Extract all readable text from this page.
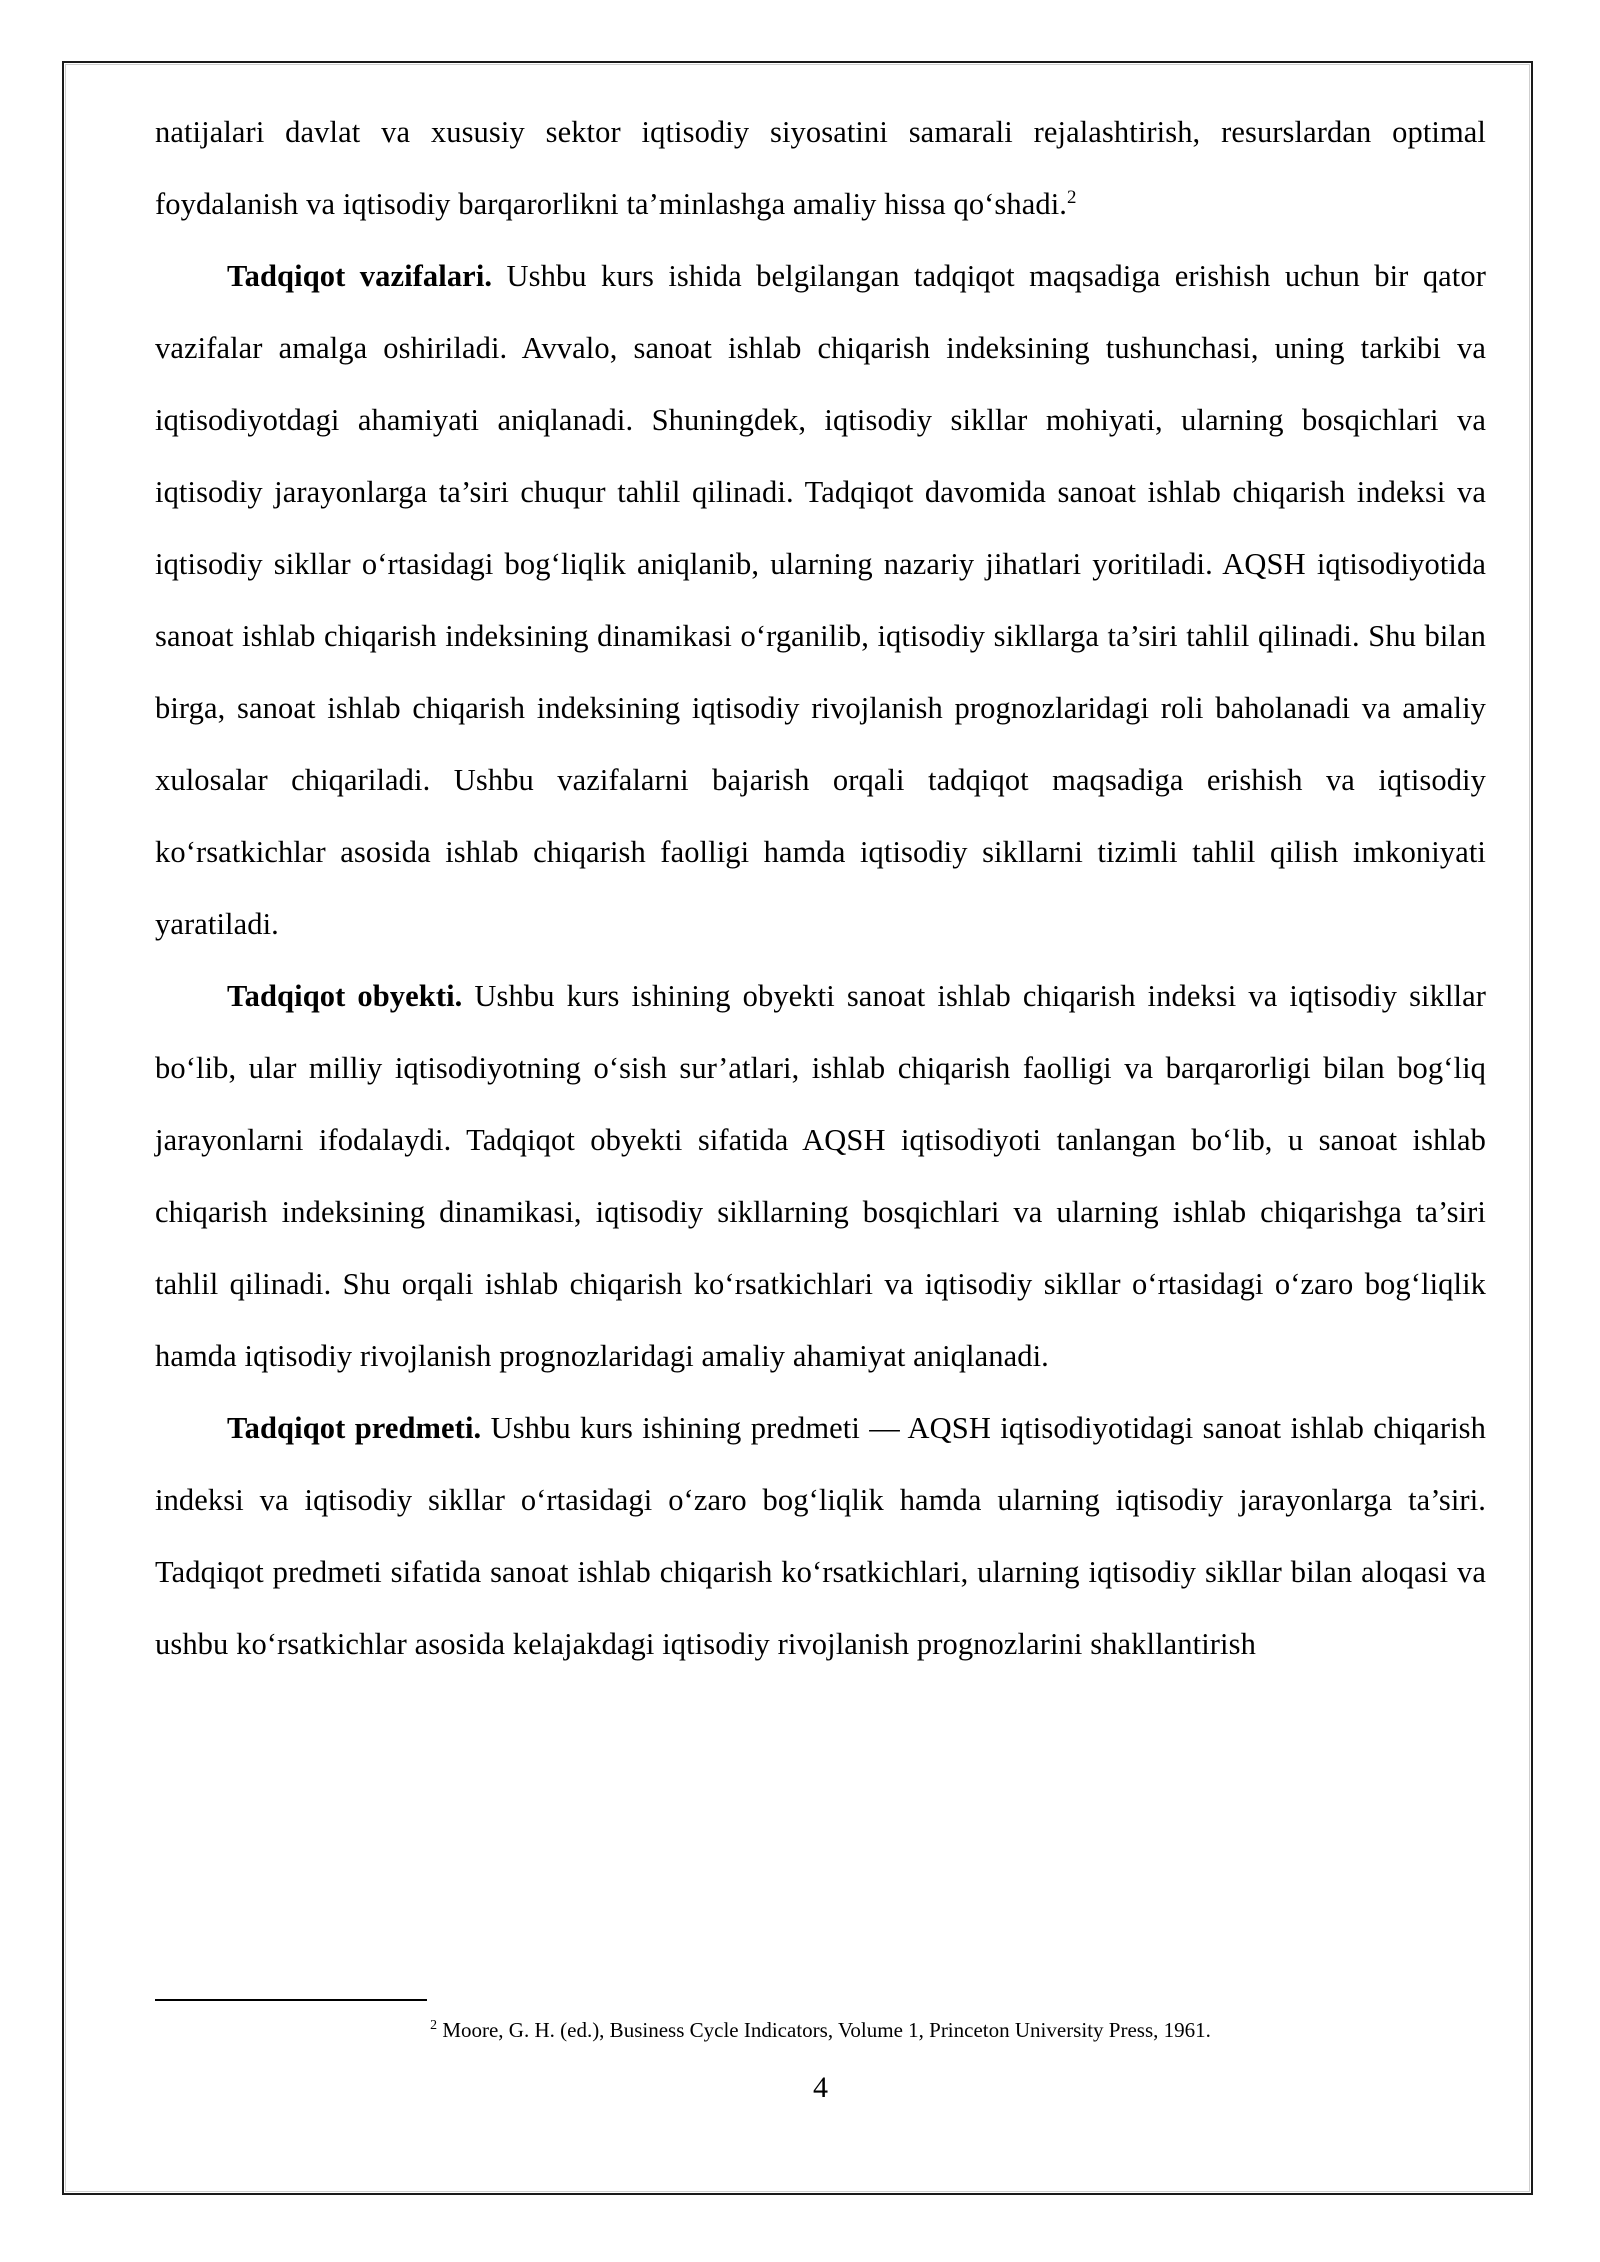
natijalari davlat va xususiy sektor iqtisodiy siyosatini samarali rejalashtirish, resurslardan optimal foydalanish va iqtisodiy barqarorlikni ta’minlashga amaliy hissa qo‘shadi.$^2$

Tadqiqot vazifalari. Ushbu kurs ishida belgilangan tadqiqot maqsadiga erishish uchun bir qator vazifalar amalga oshiriladi. Avvalo, sanoat ishlab chiqarish indeksining tushunchasi, uning tarkibi va iqtisodiyotdagi ahamiyati aniqlanadi. Shuningdek, iqtisodiy sikllar mohiyati, ularning bosqichlari va iqtisodiy jarayonlarga ta’siri chuqur tahlil qilinadi. Tadqiqot davomida sanoat ishlab chiqarish indeksi va iqtisodiy sikllar o‘rtasidagi bog‘liqlik aniqlanib, ularning nazariy jihatlari yoritiladi. AQSH iqtisodiyotida sanoat ishlab chiqarish indeksining dinamikasi o‘rganilib, iqtisodiy sikllarga ta’siri tahlil qilinadi. Shu bilan birga, sanoat ishlab chiqarish indeksining iqtisodiy rivojlanish prognozlaridagi roli baholanadi va amaliy xulosalar chiqariladi. Ushbu vazifalarni bajarish orqali tadqiqot maqsadiga erishish va iqtisodiy ko‘rsatkichlar asosida ishlab chiqarish faolligi hamda iqtisodiy sikllarni tizimli tahlil qilish imkoniyati yaratiladi.

Tadqiqot obyekti. Ushbu kurs ishining obyekti sanoat ishlab chiqarish indeksi va iqtisodiy sikllar bo‘lib, ular milliy iqtisodiyotning o‘sish sur’atlari, ishlab chiqarish faolligi va barqarorligi bilan bog‘liq jarayonlarni ifodalaydi. Tadqiqot obyekti sifatida AQSH iqtisodiyoti tanlangan bo‘lib, u sanoat ishlab chiqarish indeksining dinamikasi, iqtisodiy sikllarning bosqichlari va ularning ishlab chiqarishga ta’siri tahlil qilinadi. Shu orqali ishlab chiqarish ko‘rsatkichlari va iqtisodiy sikllar o‘rtasidagi o‘zaro bog‘liqlik hamda iqtisodiy rivojlanish prognozlaridagi amaliy ahamiyat aniqlanadi.

Tadqiqot predmeti. Ushbu kurs ishining predmeti — AQSH iqtisodiyotidagi sanoat ishlab chiqarish indeksi va iqtisodiy sikllar o‘rtasidagi o‘zaro bog‘liqlik hamda ularning iqtisodiy jarayonlarga ta’siri. Tadqiqot predmeti sifatida sanoat ishlab chiqarish ko‘rsatkichlari, ularning iqtisodiy sikllar bilan aloqasi va ushbu ko‘rsatkichlar asosida kelajakdagi iqtisodiy rivojlanish prognozlarini shakllantirish

$^2$ Moore, G. H. (ed.), Business Cycle Indicators, Volume 1, Princeton University Press, 1961.

4
